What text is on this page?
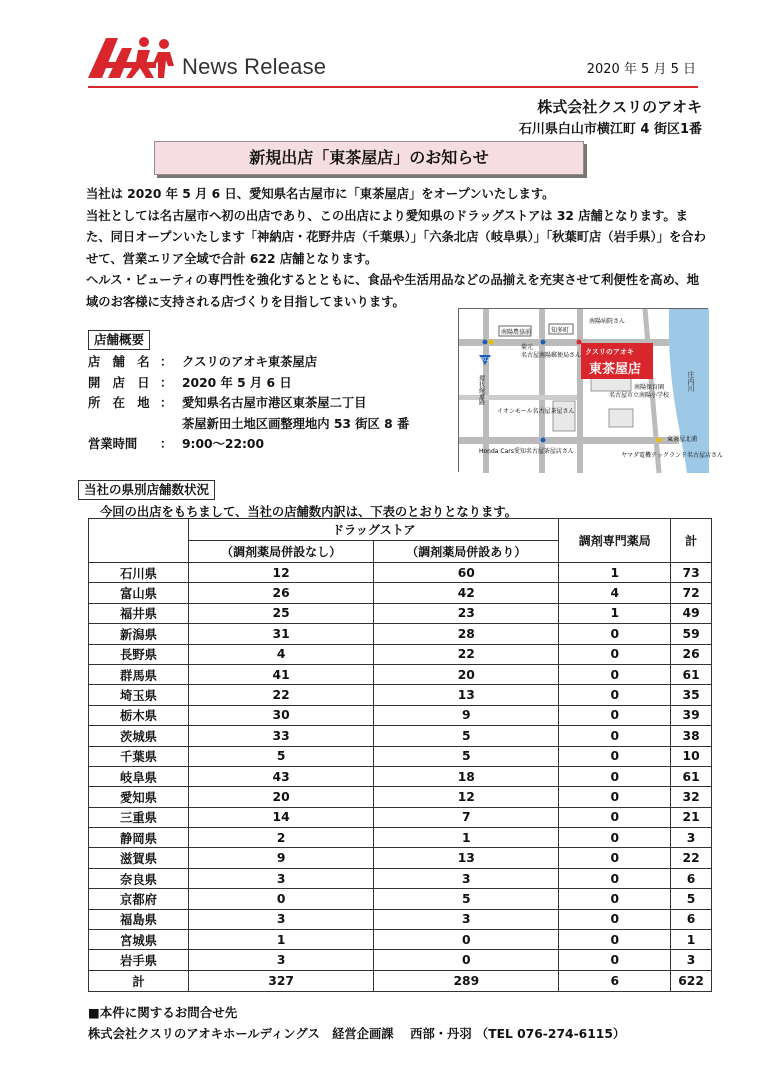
News Release	2020 年 5 月 5 日
株式会社クスリのアオキ
石川県白山市横江町 4 街区1番
新規出店「東茶屋店」のお知らせ

当社は 2020 年 5 月 6 日、愛知県名古屋市に「東茶屋店」をオープンいたします。

当社としては名古屋市へ初の出店であり、この出店により愛知県のドラッグストアは 32 店舗となります。また、同日オープンいたします「神納店・花野井店（千葉県）」「六条北店（岐阜県）」「秋葉町店（岩手県）」を合わせて、営業エリア全域で合計 622 店舗となります。

ヘルス・ビューティの専門性を強化するとともに、食品や生活用品などの品揃えを充実させて利便性を高め、地域のお客様に支持される店づくりを目指してまいります。

店舗概要
店　舗　名 ： クスリのアオキ東茶屋店
開　店　日 ： 2020 年 5 月 6 日
所　在　地 ： 愛知県名古屋市港区東茶屋二丁目
茶屋新田土地区画整理地内 53 街区 8 番
営業時間	： 9:00～22:00
庄内川
南陽農協前	知多町
南陽病院さん
菊元
302
名古屋南陽郵便局さん
環状線道路	名古屋市立南陽小学校
南陽保育園
イオンモール名古屋茶屋さん
Honda Cars愛知名古屋茶屋店さん
ヤマダ電機テックランド名古屋店さん
東茶屋北浦
クスリのアオキ
東茶屋店
当社の県別店舗数状況
今回の出店をもちまして、当社の店舗数内訳は、下表のとおりとなります。
	ドラッグストア		調剤専門薬局	計
	（調剤薬局併設なし）	（調剤薬局併設あり）		
石川県	12	60	1	73
富山県	26	42	4	72
福井県	25	23	1	49
新潟県	31	28	0	59
長野県	4	22	0	26
群馬県	41	20	0	61
埼玉県	22	13	0	35
栃木県	30	9	0	39
茨城県	33	5	0	38
千葉県	5	5	0	10
岐阜県	43	18	0	61
愛知県	20	12	0	32
三重県	14	7	0	21
静岡県	2	1	0	3
滋賀県	9	13	0	22
奈良県	3	3	0	6
京都府	0	5	0	5
福島県	3	3	0	6
宮城県	1	0	0	1
岩手県	3	0	0	3
計	327	289	6	622
■本件に関するお問合せ先
株式会社クスリのアオキホールディングス　経営企画課　 西部・丹羽 （TEL 076-274-6115）
